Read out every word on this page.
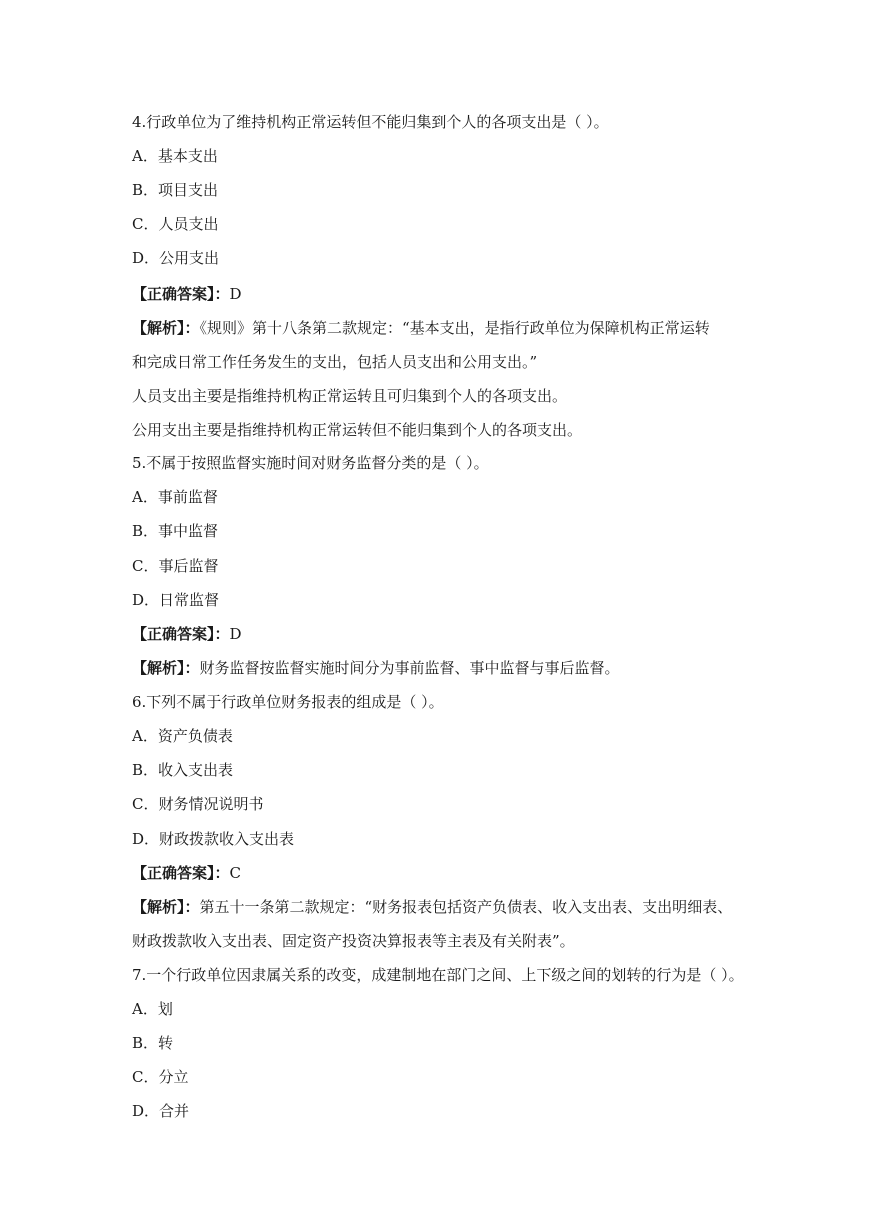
4.行政单位为了维持机构正常运转但不能归集到个人的各项支出是（ ）。
A．基本支出
B．项目支出
C．人员支出
D．公用支出
【正确答案】：D
【解析】：《规则》第十八条第二款规定：“基本支出，是指行政单位为保障机构正常运转
和完成日常工作任务发生的支出，包括人员支出和公用支出。”
人员支出主要是指维持机构正常运转且可归集到个人的各项支出。
公用支出主要是指维持机构正常运转但不能归集到个人的各项支出。
5.不属于按照监督实施时间对财务监督分类的是（ ）。
A．事前监督
B．事中监督
C．事后监督
D．日常监督
【正确答案】：D
【解析】：财务监督按监督实施时间分为事前监督、事中监督与事后监督。
6.下列不属于行政单位财务报表的组成是（ ）。
A．资产负债表
B．收入支出表
C．财务情况说明书
D．财政拨款收入支出表
【正确答案】：C
【解析】：第五十一条第二款规定：“财务报表包括资产负债表、收入支出表、支出明细表、
财政拨款收入支出表、固定资产投资决算报表等主表及有关附表”。
7.一个行政单位因隶属关系的改变，成建制地在部门之间、上下级之间的划转的行为是（ ）。
A．划
B．转
C．分立
D．合并
